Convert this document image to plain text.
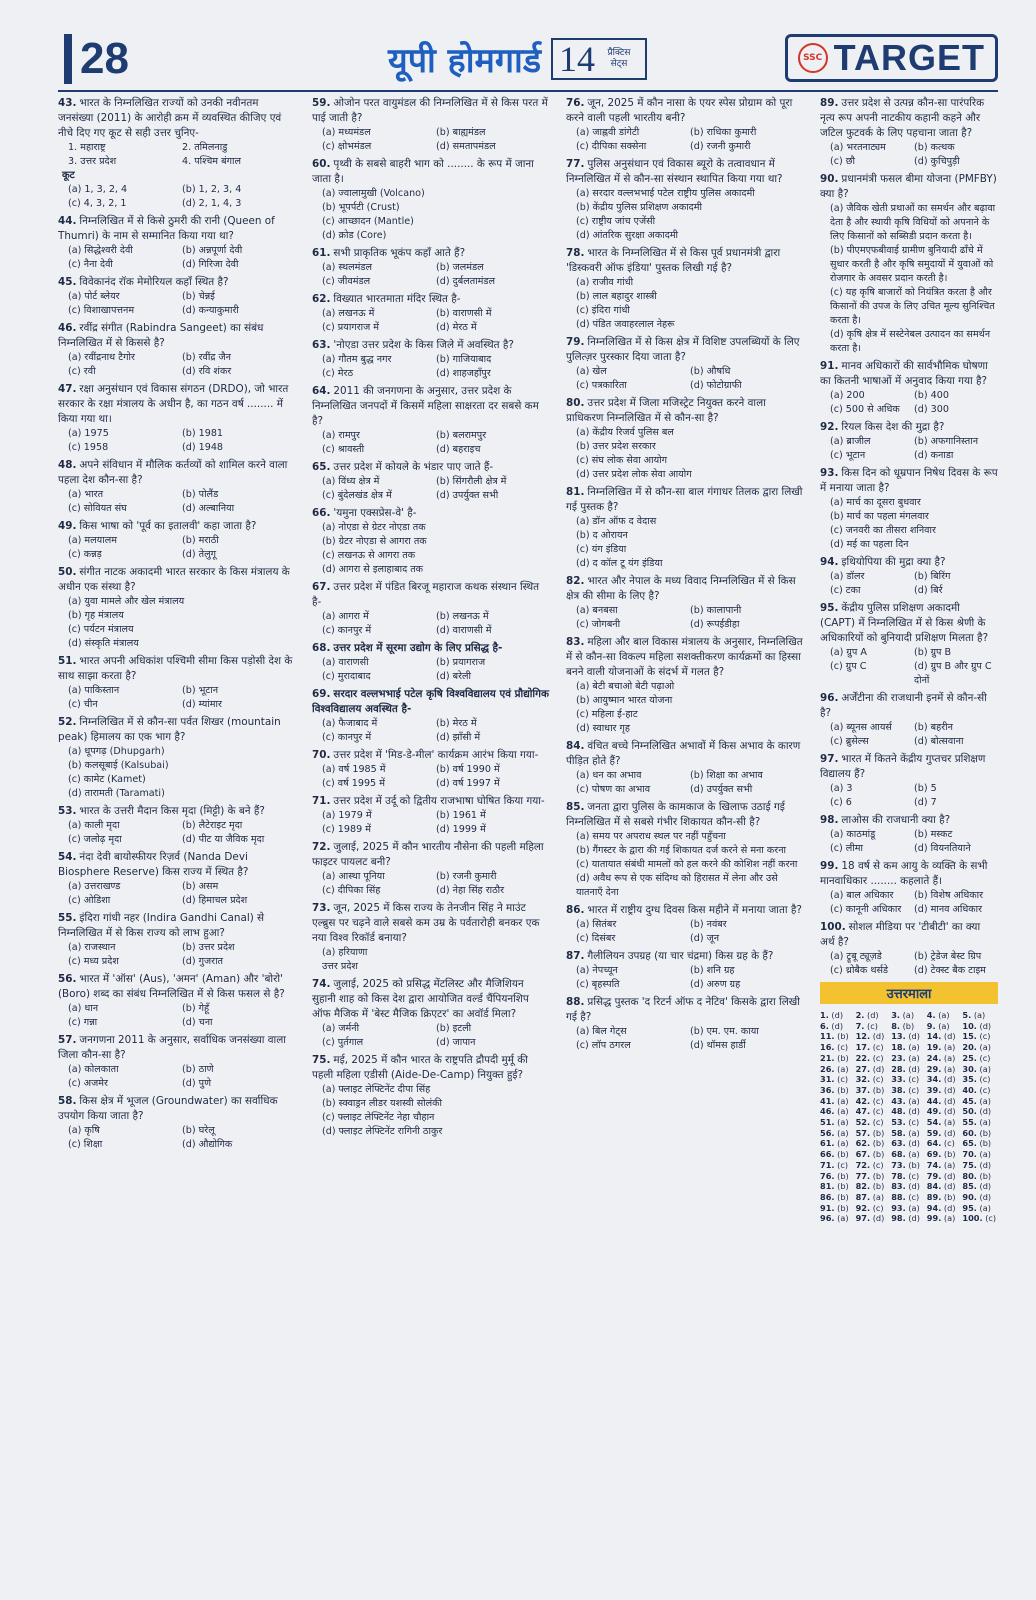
28	यूपी होमगार्ड 14	प्रैक्टिस सेट्स
SSC TARGET
43. भारत के निम्नलिखित राज्यों को उनकी नवीनतम जनसंख्या (2011) के आरोही क्रम में व्यवस्थित कीजिए एवं नीचे दिए गए कूट से सही उत्तर चुनिए-
1. महाराष्ट्र	2. तमिलनाडु
3. उत्तर प्रदेश	4. पश्चिम बंगाल
कूट
(a) 1, 3, 2, 4	(b) 1, 2, 3, 4
(c) 4, 3, 2, 1	(d) 2, 1, 4, 3
44. निम्नलिखित में से किसे ठुमरी की रानी (Queen of Thumri) के नाम से सम्मानित किया गया था?
(a) सिद्धेश्वरी देवी	(b) अन्नपूर्णा देवी
(c) नैना देवी	(d) गिरिजा देवी
45. विवेकानंद रॉक मेमोरियल कहाँ स्थित है?
(a) पोर्ट ब्लेयर	(b) चेन्नई
(c) विशाखापत्तनम	(d) कन्याकुमारी
46. रवींद्र संगीत (Rabindra Sangeet) का संबंध निम्नलिखित में से किससे है?
(a) रवींद्रनाथ टैगोर	(b) रवींद्र जैन
(c) रवी	(d) रवि शंकर
47. रक्षा अनुसंधान एवं विकास संगठन (DRDO), जो भारत सरकार के रक्षा मंत्रालय के अधीन है, का गठन वर्ष ........ में किया गया था।
(a) 1975	(b) 1981
(c) 1958	(d) 1948
48. अपने संविधान में मौलिक कर्तव्यों को शामिल करने वाला पहला देश कौन-सा है?
(a) भारत	(b) पोलैंड
(c) सोवियत संघ	(d) अल्बानिया
49. किस भाषा को 'पूर्व का इतालवी' कहा जाता है?
(a) मलयालम	(b) मराठी
(c) कन्नड़	(d) तेलुगू
50. संगीत नाटक अकादमी भारत सरकार के किस मंत्रालय के अधीन एक संस्था है?
(a) युवा मामले और खेल मंत्रालय
(b) गृह मंत्रालय
(c) पर्यटन मंत्रालय
(d) संस्कृति मंत्रालय
51. भारत अपनी अधिकांश पश्चिमी सीमा किस पड़ोसी देश के साथ साझा करता है?
(a) पाकिस्तान	(b) भूटान
(c) चीन	(d) म्यांमार
52. निम्नलिखित में से कौन-सा पर्वत शिखर (mountain peak) हिमालय का एक भाग है?
(a) धूपगढ़ (Dhupgarh)
(b) कलसूबाई (Kalsubai)
(c) कामेट (Kamet)
(d) तारामती (Taramati)
53. भारत के उत्तरी मैदान किस मृदा (मिट्टी) के बने हैं?
(a) काली मृदा	(b) लैटेराइट मृदा
(c) जलोढ़ मृदा	(d) पीट या जैविक मृदा
54. नंदा देवी बायोस्फीयर रिज़र्व (Nanda Devi Biosphere Reserve) किस राज्य में स्थित है?
(a) उत्तराखण्ड	(b) असम
(c) ओडिशा	(d) हिमाचल प्रदेश
55. इंदिरा गांधी नहर (Indira Gandhi Canal) से निम्नलिखित में से किस राज्य को लाभ हुआ?
(a) राजस्थान	(b) उत्तर प्रदेश
(c) मध्य प्रदेश	(d) गुजरात
56. भारत में 'ऑस' (Aus), 'अमन' (Aman) और 'बोरो' (Boro) शब्द का संबंध निम्नलिखित में से किस फसल से है?
(a) धान	(b) गेहूँ
(c) गन्ना	(d) चना
57. जनगणना 2011 के अनुसार, सर्वाधिक जनसंख्या वाला जिला कौन-सा है?
(a) कोलकाता	(b) ठाणे
(c) अजमेर	(d) पुणे
58. किस क्षेत्र में भूजल (Groundwater) का सर्वाधिक उपयोग किया जाता है?
(a) कृषि	(b) घरेलू
(c) शिक्षा	(d) औद्योगिक
59. ओजोन परत वायुमंडल की निम्नलिखित में से किस परत में पाई जाती है?
(a) मध्यमंडल	(b) बाह्यमंडल
(c) क्षोभमंडल	(d) समतापमंडल
60. पृथ्वी के सबसे बाहरी भाग को ........ के रूप में जाना जाता है।
(a) ज्वालामुखी (Volcano)
(b) भूपर्पटी (Crust)
(c) आच्छादन (Mantle)
(d) क्रोड (Core)
61. सभी प्राकृतिक भूकंप कहाँ आते हैं?
(a) स्थलमंडल	(b) जलमंडल
(c) जीवमंडल	(d) दुर्बलतामंडल
62. विख्यात भारतमाता मंदिर स्थित है-
(a) लखनऊ में	(b) वाराणसी में
(c) प्रयागराज में	(d) मेरठ में
63. 'नोएडा उत्तर प्रदेश के किस जिले में अवस्थित है?
(a) गौतम बुद्ध नगर	(b) गाजियाबाद
(c) मेरठ	(d) शाहजहाँपुर
64. 2011 की जनगणना के अनुसार, उत्तर प्रदेश के निम्नलिखित जनपदों में किसमें महिला साक्षरता दर सबसे कम है?
(a) रामपुर	(b) बलरामपुर
(c) श्रावस्ती	(d) बहराइच
65. उत्तर प्रदेश में कोयले के भंडार पाए जाते हैं-
(a) विंध्य क्षेत्र में	(b) सिंगरौली क्षेत्र में
(c) बुंदेलखंड क्षेत्र में	(d) उपर्युक्त सभी
66. 'यमुना एक्सप्रेस-वे' है-
(a) नोएडा से ग्रेटर नोएडा तक
(b) ग्रेटर नोएडा से आगरा तक
(c) लखनऊ से आगरा तक
(d) आगरा से इलाहाबाद तक
67. उत्तर प्रदेश में पंडित बिरजू महाराज कथक संस्थान स्थित है-
(a) आगरा में	(b) लखनऊ में
(c) कानपुर में	(d) वाराणसी में
68. उत्तर प्रदेश में सूरमा उद्योग के लिए प्रसिद्ध है-
(a) वाराणसी	(b) प्रयागराज
(c) मुरादाबाद	(d) बरेली
69. सरदार वल्लभभाई पटेल कृषि विश्वविद्यालय एवं प्रौद्योगिक विश्वविद्यालय अवस्थित है-
(a) फैजाबाद में	(b) मेरठ में
(c) कानपुर में	(d) झाँसी में
70. उत्तर प्रदेश में 'मिड-डे-मील' कार्यक्रम आरंभ किया गया-
(a) वर्ष 1985 में	(b) वर्ष 1990 में
(c) वर्ष 1995 में	(d) वर्ष 1997 में
71. उत्तर प्रदेश में उर्दू को द्वितीय राजभाषा घोषित किया गया-
(a) 1979 में	(b) 1961 में
(c) 1989 में	(d) 1999 में
72. जुलाई, 2025 में कौन भारतीय नौसेना की पहली महिला फाइटर पायलट बनी?
(a) आस्था पूनिया	(b) रजनी कुमारी
(c) दीपिका सिंह	(d) नेहा सिंह राठौर
73. जून, 2025 में किस राज्य के तेनजीन सिंह ने माउंट एल्ब्रुस पर चढ़ने वाले सबसे कम उम्र के पर्वतारोही बनकर एक नया विश्व रिकॉर्ड बनाया?
(a) हरियाणा
उत्तर प्रदेश
74. जुलाई, 2025 को प्रसिद्ध मेंटलिस्ट और मैजिशियन सुहानी शाह को किस देश द्वारा आयोजित वर्ल्ड चैंपियनशिप ऑफ मैजिक में 'बेस्ट मैजिक क्रिएटर' का अवॉर्ड मिला?
(a) जर्मनी	(b) इटली
(c) पुर्तगाल	(d) जापान
75. मई, 2025 में कौन भारत के राष्ट्रपति द्रौपदी मुर्मू की पहली महिला एडीसी (Aide-De-Camp) नियुक्त हुई?
(a) फ्लाइट लेफ्टिनेंट दीपा सिंह
(b) स्क्वाड्रन लीडर यशस्वी सोलंकी
(c) फ्लाइट लेफ्टिनेंट नेहा चौहान
(d) फ्लाइट लेफ्टिनेंट रागिनी ठाकुर
76. जून, 2025 में कौन नासा के एयर स्पेस प्रोग्राम को पूरा करने वाली पहली भारतीय बनी?
(a) जाह्नवी डांगेटी	(b) राधिका कुमारी
(c) दीपिका सक्सेना	(d) रजनी कुमारी
77. पुलिस अनुसंधान एवं विकास ब्यूरो के तत्वावधान में निम्नलिखित में से कौन-सा संस्थान स्थापित किया गया था?
(a) सरदार वल्लभभाई पटेल राष्ट्रीय पुलिस अकादमी
(b) केंद्रीय पुलिस प्रशिक्षण अकादमी
(c) राष्ट्रीय जांच एजेंसी
(d) आंतरिक सुरक्षा अकादमी
78. भारत के निम्नलिखित में से किस पूर्व प्रधानमंत्री द्वारा 'डिस्कवरी ऑफ इंडिया' पुस्तक लिखी गई है?
(a) राजीव गांधी
(b) लाल बहादुर शास्त्री
(c) इंदिरा गांधी
(d) पंडित जवाहरलाल नेहरू
79. निम्नलिखित में से किस क्षेत्र में विशिष्ट उपलब्धियों के लिए पुलित्ज़र पुरस्कार दिया जाता है?
(a) खेल	(b) औषधि
(c) पत्रकारिता	(d) फोटोग्राफी
80. उत्तर प्रदेश में जिला मजिस्ट्रेट नियुक्त करने वाला प्राधिकरण निम्नलिखित में से कौन-सा है?
(a) केंद्रीय रिजर्व पुलिस बल
(b) उत्तर प्रदेश सरकार
(c) संघ लोक सेवा आयोग
(d) उत्तर प्रदेश लोक सेवा आयोग
81. निम्नलिखित में से कौन-सा बाल गंगाधर तिलक द्वारा लिखी गई पुस्तक है?
(a) डॉन ऑफ द वेदास
(b) द ओरायन
(c) यंग इंडिया
(d) द कॉल टू यंग इंडिया
82. भारत और नेपाल के मध्य विवाद निम्नलिखित में से किस क्षेत्र की सीमा के लिए है?
(a) बनबसा	(b) कालापानी
(c) जोगबनी	(d) रूपईडीहा
83. महिला और बाल विकास मंत्रालय के अनुसार, निम्नलिखित में से कौन-सा विकल्प महिला सशक्तीकरण कार्यक्रमों का हिस्सा बनने वाली योजनाओं के संदर्भ में गलत है?
(a) बेटी बचाओ बेटी पढ़ाओ
(b) आयुष्मान भारत योजना
(c) महिला ई-हाट
(d) स्वाधार गृह
84. वंचित बच्चे निम्नलिखित अभावों में किस अभाव के कारण पीड़ित होते हैं?
(a) धन का अभाव	(b) शिक्षा का अभाव
(c) पोषण का अभाव	(d) उपर्युक्त सभी
85. जनता द्वारा पुलिस के कामकाज के खिलाफ उठाई गई निम्नलिखित में से सबसे गंभीर शिकायत कौन-सी है?
(a) समय पर अपराध स्थल पर नहीं पहुँचना
(b) गैंगस्टर के द्वारा की गई शिकायत दर्ज करने से मना करना
(c) यातायात संबंधी मामलों को हल करने की कोशिश नहीं करना
(d) अवैध रूप से एक संदिग्ध को हिरासत में लेना और उसे यातनाएँ देना
86. भारत में राष्ट्रीय दुग्ध दिवस किस महीने में मनाया जाता है?
(a) सितंबर	(b) नवंबर
(c) दिसंबर	(d) जून
87. गैलीलियन उपग्रह (या चार चंद्रमा) किस ग्रह के हैं?
(a) नेपच्यून	(b) शनि ग्रह
(c) बृहस्पति	(d) अरुण ग्रह
88. प्रसिद्ध पुस्तक 'द रिटर्न ऑफ द नेटिव' किसके द्वारा लिखी गई है?
(a) बिल गेट्स	(b) एम. एम. काया
(c) लॉप ठगरल	(d) थॉमस हार्डी
89. उत्तर प्रदेश से उत्पन्न कौन-सा पारंपरिक नृत्य रूप अपनी नाटकीय कहानी कहने और जटिल फुटवर्क के लिए पहचाना जाता है?
(a) भरतनाट्यम	(b) कत्थक
(c) छौ	(d) कुचिपुड़ी
90. प्रधानमंत्री फसल बीमा योजना (PMFBY) क्या है?
(a) जैविक खेती प्रथाओं का समर्थन और बढ़ावा देता है और स्थायी कृषि विधियों को अपनाने के लिए किसानों को सब्सिडी प्रदान करता है।
(b) पीएमएफबीवाई ग्रामीण बुनियादी ढाँचे में सुधार करती है और कृषि समुदायों में युवाओं को रोजगार के अवसर प्रदान करती है।
(c) यह कृषि बाजारों को नियंत्रित करता है और किसानों की उपज के लिए उचित मूल्य सुनिश्चित करता है।
(d) कृषि क्षेत्र में सस्टेनेबल उत्पादन का समर्थन करता है।
91. मानव अधिकारों की सार्वभौमिक घोषणा का कितनी भाषाओं में अनुवाद किया गया है?
(a) 200	(b) 400
(c) 500 से अधिक	(d) 300
92. रियल किस देश की मुद्रा है?
(a) ब्राजील	(b) अफगानिस्तान
(c) भूटान	(d) कनाडा
93. किस दिन को धूम्रपान निषेध दिवस के रूप में मनाया जाता है?
(a) मार्च का दूसरा बुधवार
(b) मार्च का पहला मंगलवार
(c) जनवरी का तीसरा शनिवार
(d) मई का पहला दिन
94. इथियोपिया की मुद्रा क्या है?
(a) डॉलर	(b) बिरिंग
(c) टका	(d) बिर्र
95. केंद्रीय पुलिस प्रशिक्षण अकादमी (CAPT) में निम्नलिखित में से किस श्रेणी के अधिकारियों को बुनियादी प्रशिक्षण मिलता है?
(a) ग्रुप A	(b) ग्रुप B
(c) ग्रुप C	(d) ग्रुप B और ग्रुप C दोनों
96. अर्जेंटीना की राजधानी इनमें से कौन-सी है?
(a) ब्यूनस आयर्स	(b) बहरीन
(c) ब्रुसेल्स	(d) बोत्सवाना
97. भारत में कितने केंद्रीय गुप्तचर प्रशिक्षण विद्यालय हैं?
(a) 3	(b) 5
(c) 6	(d) 7
98. लाओस की राजधानी क्या है?
(a) काठमांडू	(b) मस्कट
(c) लीमा	(d) वियनतियाने
99. 18 वर्ष से कम आयु के व्यक्ति के सभी मानवाधिकार ........ कहलाते हैं।
(a) बाल अधिकार	(b) विशेष अधिकार
(c) कानूनी अधिकार	(d) मानव अधिकार
100. सोशल मीडिया पर 'टीबीटी' का क्या अर्थ है?
(a) ट्रूबू ट्यूज़डे	(b) ट्रेडेज बेस्ट ग्रिप
(c) थ्रोबैक थर्सडे	(d) टेक्स्ट बैक टाइम
उत्तरमाला
1. (d)	2. (d)	3. (a)	4. (a)	5. (a)
6. (d)	7. (c)	8. (b)	9. (a)	10. (d)
11. (b) 12. (d) 13. (d) 14. (d) 15. (c)
16. (c) 17. (c) 18. (a) 19. (a) 20. (a)
21. (b) 22. (c) 23. (a) 24. (a) 25. (c)
26. (a) 27. (d) 28. (d) 29. (a) 30. (a)
31. (c) 32. (c) 33. (c) 34. (d) 35. (c)
36. (b) 37. (b) 38. (c) 39. (d) 40. (c)
41. (a) 42. (c) 43. (a) 44. (d) 45. (a)
46. (a) 47. (c) 48. (d) 49. (d) 50. (d)
51. (a) 52. (c) 53. (c) 54. (a) 55. (a)
56. (a) 57. (b) 58. (a) 59. (d) 60. (b)
61. (a) 62. (b) 63. (d) 64. (c) 65. (b)
66. (b) 67. (b) 68. (a) 69. (b) 70. (a)
71. (c) 72. (c) 73. (b) 74. (a) 75. (d)
76. (b) 77. (b) 78. (c) 79. (d) 80. (b)
81. (b) 82. (b) 83. (d) 84. (d) 85. (d)
86. (b) 87. (a) 88. (c) 89. (b) 90. (d)
91. (b) 92. (c) 93. (a) 94. (d) 95. (a)
96. (a) 97. (d) 98. (d) 99. (a) 100. (c)
